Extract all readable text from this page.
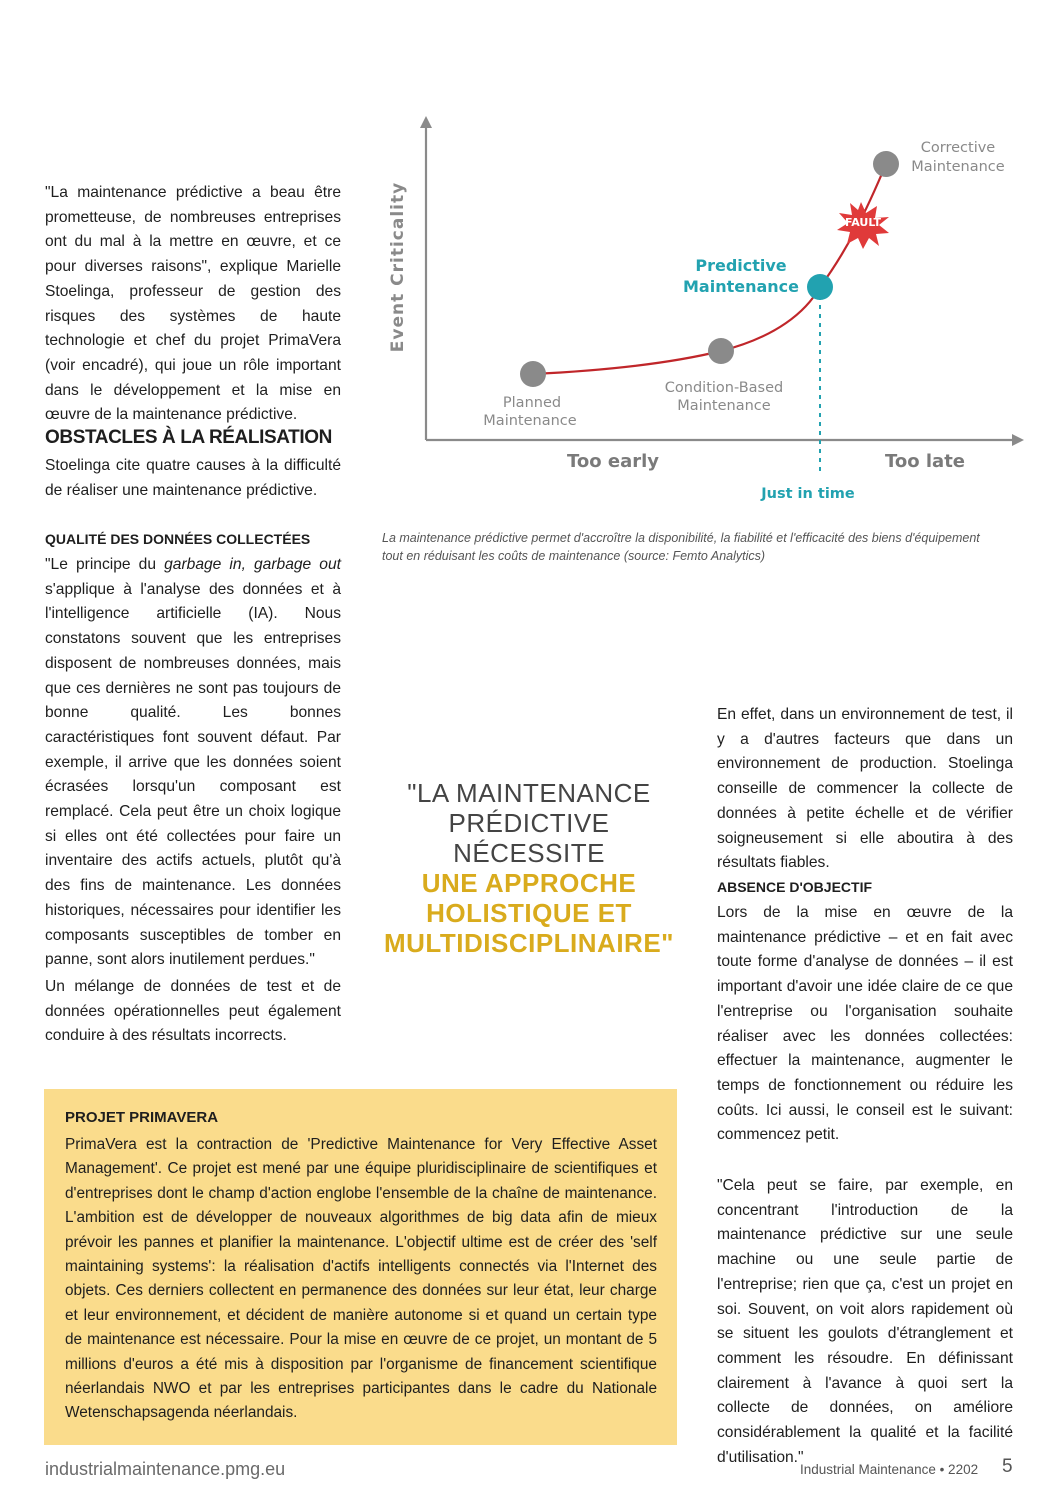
"La maintenance prédictive a beau être prometteuse, de nombreuses entreprises ont du mal à la mettre en œuvre, et ce pour diverses raisons", explique Marielle Stoelinga, professeur de gestion des risques des systèmes de haute technologie et chef du projet PrimaVera (voir encadré), qui joue un rôle important dans le développement et la mise en œuvre de la maintenance prédictive.

OBSTACLES À LA RÉALISATION

Stoelinga cite quatre causes à la difficulté de réaliser une maintenance prédictive.

QUALITÉ DES DONNÉES COLLECTÉES

"Le principe du garbage in, garbage out s'applique à l'analyse des données et à l'intelligence artificielle (IA). Nous constatons souvent que les entreprises disposent de nombreuses données, mais que ces dernières ne sont pas toujours de bonne qualité. Les bonnes caractéristiques font souvent défaut. Par exemple, il arrive que les données soient écrasées lorsqu'un composant est remplacé. Cela peut être un choix logique si elles ont été collectées pour faire un inventaire des actifs actuels, plutôt qu'à des fins de maintenance. Les données historiques, nécessaires pour identifier les composants susceptibles de tomber en panne, sont alors inutilement perdues."

Un mélange de données de test et de données opérationnelles peut également conduire à des résultats incorrects.

Event Criticality	FAULT
Planned
Maintenance
Condition-Based
Maintenance
Predictive
Maintenance
Corrective
Maintenance
Too early	Too late
Just in time

La maintenance prédictive permet d'accroître la disponibilité, la fiabilité et l'efficacité des biens d'équipement tout en réduisant les coûts de maintenance (source: Femto Analytics)

"LA MAINTENANCE
PRÉDICTIVE NÉCESSITE
UNE APPROCHE
HOLISTIQUE ET
MULTIDISCIPLINAIRE"

En effet, dans un environnement de test, il y a d'autres facteurs que dans un environnement de production. Stoelinga conseille de commencer la collecte de données à petite échelle et de vérifier soigneusement si elle aboutira à des résultats fiables.

ABSENCE D'OBJECTIF

Lors de la mise en œuvre de la maintenance prédictive – et en fait avec toute forme d'analyse de données – il est important d'avoir une idée claire de ce que l'entreprise ou l'organisation souhaite réaliser avec les données collectées: effectuer la maintenance, augmenter le temps de fonctionnement ou réduire les coûts. Ici aussi, le conseil est le suivant: commencez petit.

"Cela peut se faire, par exemple, en concentrant l'introduction de la maintenance prédictive sur une seule machine ou une seule partie de l'entreprise; rien que ça, c'est un projet en soi. Souvent, on voit alors rapidement où se situent les goulots d'étranglement et comment les résoudre. En définissant clairement à l'avance à quoi sert la collecte de données, on améliore considérablement la qualité et la facilité d'utilisation."

PROJET PRIMAVERA

PrimaVera est la contraction de 'Predictive Maintenance for Very Effective Asset Management'. Ce projet est mené par une équipe pluridisciplinaire de scientifiques et d'entreprises dont le champ d'action englobe l'ensemble de la chaîne de maintenance. L'ambition est de développer de nouveaux algorithmes de big data afin de mieux prévoir les pannes et planifier la maintenance. L'objectif ultime est de créer des 'self maintaining systems': la réalisation d'actifs intelligents connectés via l'Internet des objets. Ces derniers collectent en permanence des données sur leur état, leur charge et leur environnement, et décident de manière autonome si et quand un certain type de maintenance est nécessaire. Pour la mise en œuvre de ce projet, un montant de 5 millions d'euros a été mis à disposition par l'organisme de financement scientifique néerlandais NWO et par les entreprises participantes dans le cadre du Nationale Wetenschapsagenda néerlandais.

industrialmaintenance.pmg.eu	Industrial Maintenance • 2202 5
